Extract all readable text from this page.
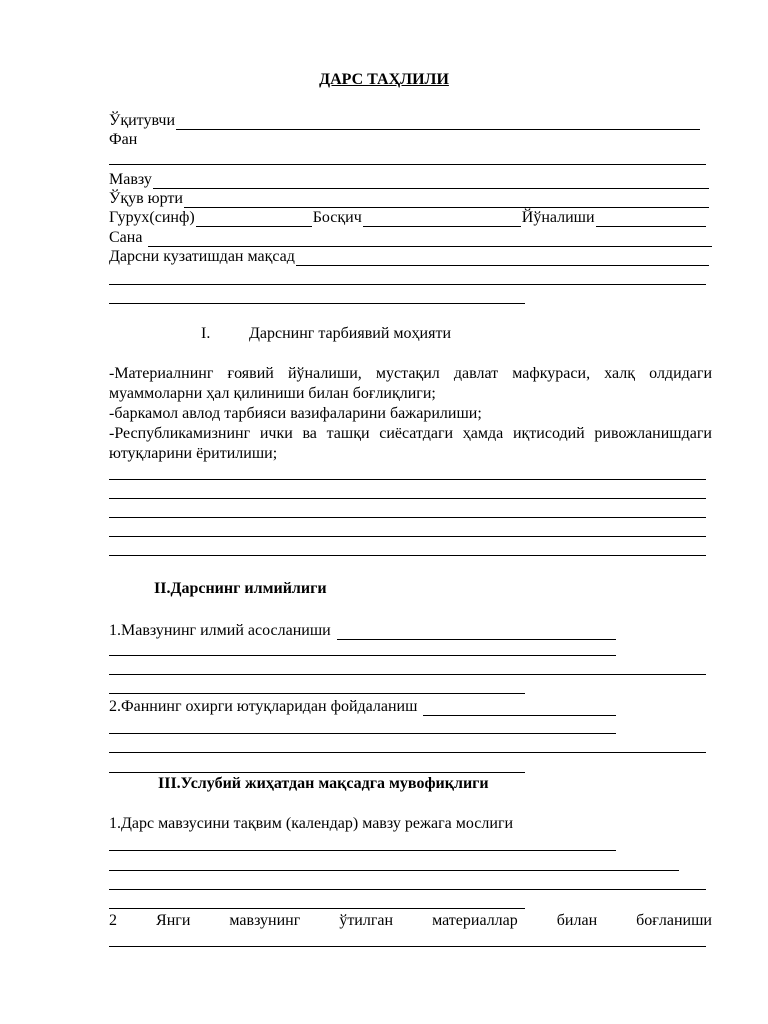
ДАРС ТАҲЛИЛИ
Ўқитувчи
Фан
Мавзу
Ўқув юрти
Гурух(синф)	Босқич	Йўналиши
Сана
Дарсни кузатишдан мақсад
I. Дарснинг тарбиявий моҳияти
-Материалнинг ғоявий йўналиши, мустақил давлат мафкураси, халқ олдидаги муаммоларни ҳал қилиниши билан боғлиқлиги;
-баркамол авлод тарбияси вазифаларини бажарилиши;
-Республикамизнинг ички ва ташқи сиёсатдаги ҳамда иқтисодий ривожланишдаги ютуқларини ёритилиши;
II.Дарснинг илмийлиги
1.Мавзунинг илмий асосланиши
2.Фаннинг охирги ютуқларидан фойдаланиш
III.Услубий жиҳатдан мақсадга мувофиқлиги
1.Дарс мавзусини тақвим (календар) мавзу режага мослиги
2 Янги мавзунинг ўтилган материаллар билан боғланиши
